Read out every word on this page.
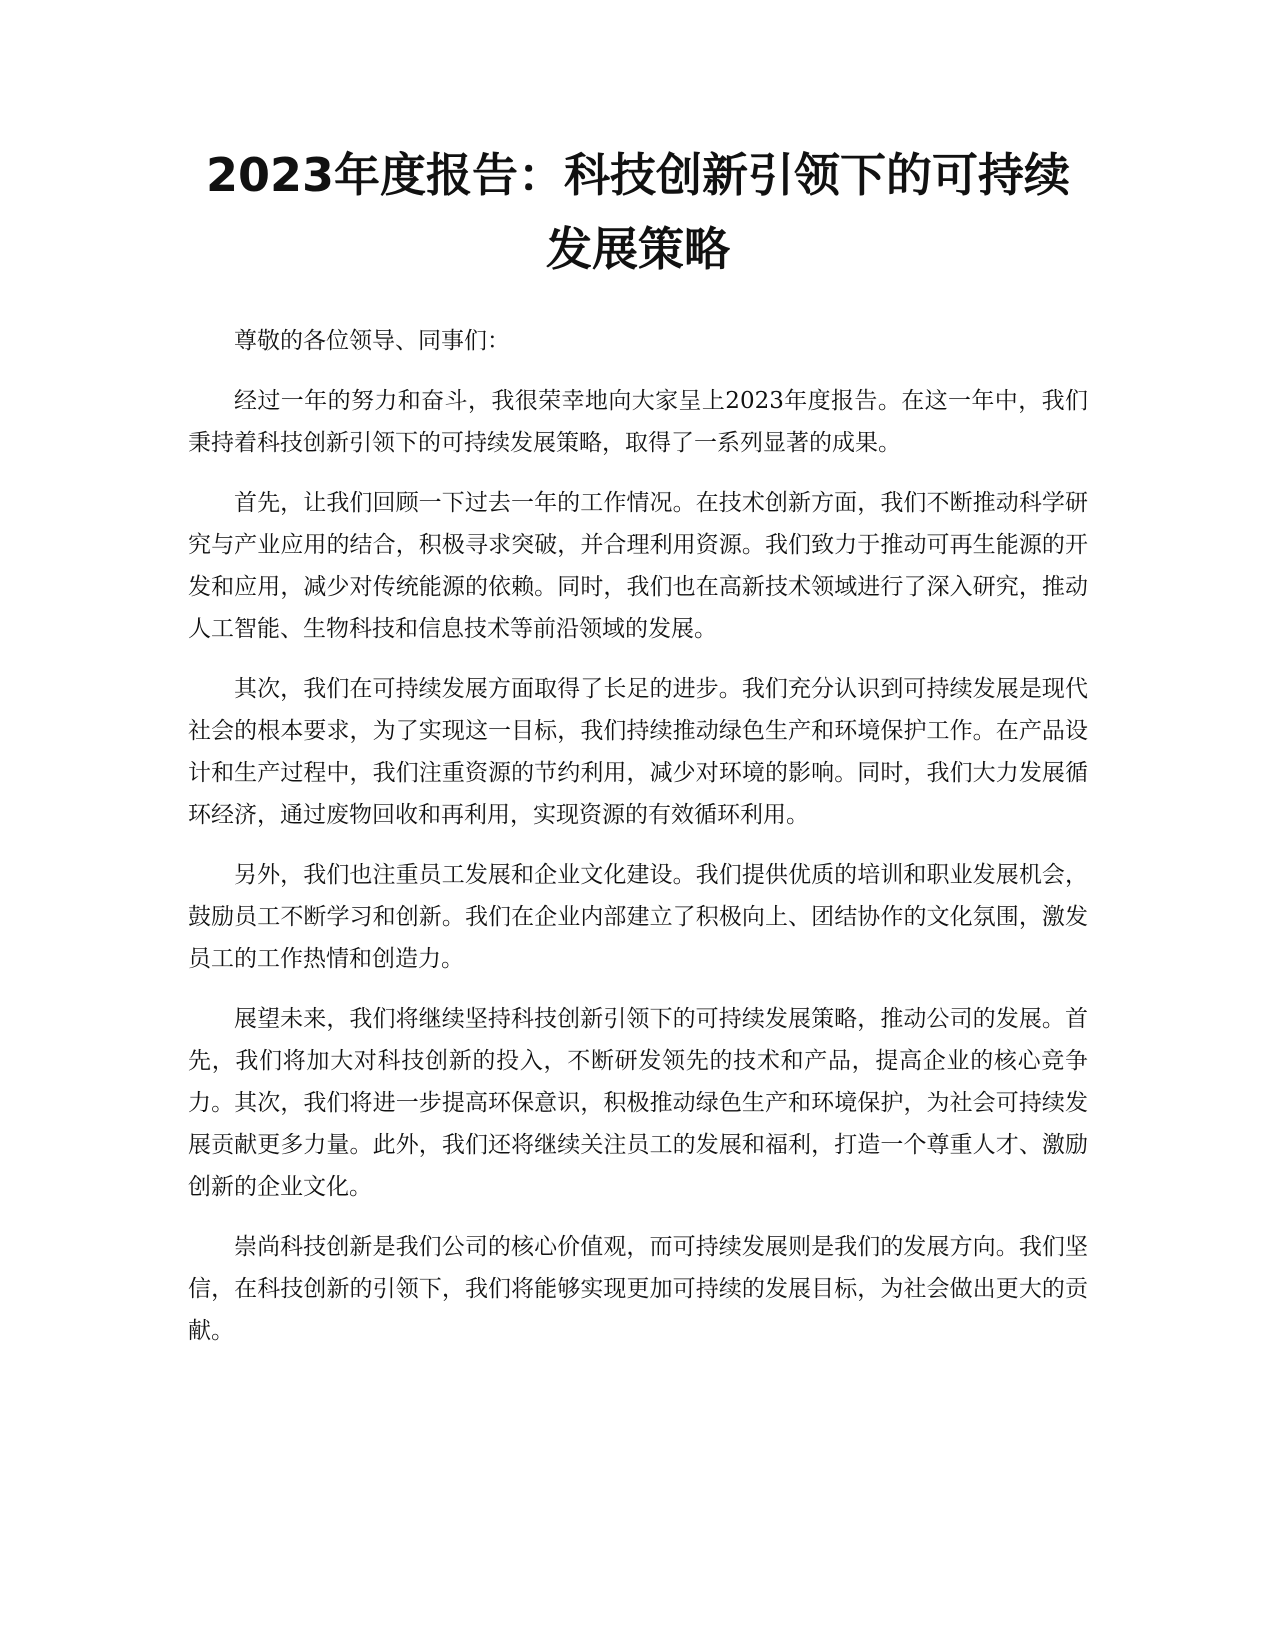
2023年度报告：科技创新引领下的可持续发展策略

尊敬的各位领导、同事们：

经过一年的努力和奋斗，我很荣幸地向大家呈上2023年度报告。在这一年中，我们秉持着科技创新引领下的可持续发展策略，取得了一系列显著的成果。

首先，让我们回顾一下过去一年的工作情况。在技术创新方面，我们不断推动科学研究与产业应用的结合，积极寻求突破，并合理利用资源。我们致力于推动可再生能源的开发和应用，减少对传统能源的依赖。同时，我们也在高新技术领域进行了深入研究，推动人工智能、生物科技和信息技术等前沿领域的发展。

其次，我们在可持续发展方面取得了长足的进步。我们充分认识到可持续发展是现代社会的根本要求，为了实现这一目标，我们持续推动绿色生产和环境保护工作。在产品设计和生产过程中，我们注重资源的节约利用，减少对环境的影响。同时，我们大力发展循环经济，通过废物回收和再利用，实现资源的有效循环利用。

另外，我们也注重员工发展和企业文化建设。我们提供优质的培训和职业发展机会，鼓励员工不断学习和创新。我们在企业内部建立了积极向上、团结协作的文化氛围，激发员工的工作热情和创造力。

展望未来，我们将继续坚持科技创新引领下的可持续发展策略，推动公司的发展。首先，我们将加大对科技创新的投入，不断研发领先的技术和产品，提高企业的核心竞争力。其次，我们将进一步提高环保意识，积极推动绿色生产和环境保护，为社会可持续发展贡献更多力量。此外，我们还将继续关注员工的发展和福利，打造一个尊重人才、激励创新的企业文化。

崇尚科技创新是我们公司的核心价值观，而可持续发展则是我们的发展方向。我们坚信，在科技创新的引领下，我们将能够实现更加可持续的发展目标，为社会做出更大的贡献。
